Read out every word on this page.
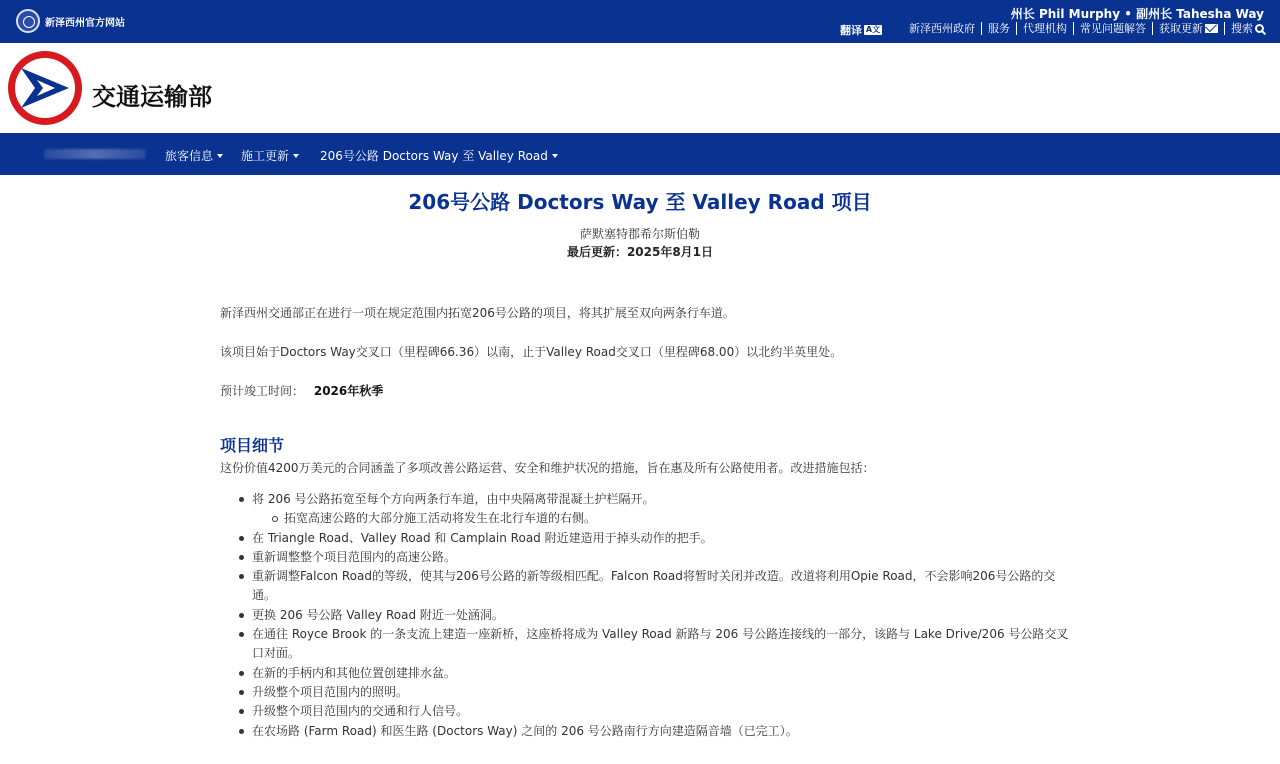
新泽西州官方网站
州长 Phil Murphy • 副州长 Tahesha Way
翻译 A文	新泽西州政府	服务	代理机构	常见问题解答	获取更新	搜索
交通运输部
旅客信息 施工更新	206号公路 Doctors Way 至 Valley Road
206号公路 Doctors Way 至 Valley Road 项目
萨默塞特郡希尔斯伯勒
最后更新：2025年8月1日
新泽西州交通部正在进行一项在规定范围内拓宽206号公路的项目，将其扩展至双向两条行车道。
该项目始于Doctors Way交叉口（里程碑66.36）以南，止于Valley Road交叉口（里程碑68.00）以北约半英里处。
预计竣工时间： 2026年秋季
项目细节
这份价值4200万美元的合同涵盖了多项改善公路运营、安全和维护状况的措施，旨在惠及所有公路使用者。改进措施包括：
将 206 号公路拓宽至每个方向两条行车道，由中央隔离带混凝土护栏隔开。
拓宽高速公路的大部分施工活动将发生在北行车道的右侧。
在 Triangle Road、Valley Road 和 Camplain Road 附近建造用于掉头动作的把手。
重新调整整个项目范围内的高速公路。
重新调整Falcon Road的等级，使其与206号公路的新等级相匹配。Falcon Road将暂时关闭并改造。改道将利用Opie Road，不会影响206号公路的交通。
更换 206 号公路 Valley Road 附近一处涵洞。
在通往 Royce Brook 的一条支流上建造一座新桥，这座桥将成为 Valley Road 新路与 206 号公路连接线的一部分，该路与 Lake Drive/206 号公路交叉口对面。
在新的手柄内和其他位置创建排水盆。
升级整个项目范围内的照明。
升级整个项目范围内的交通和行人信号。
在农场路 (Farm Road) 和医生路 (Doctors Way) 之间的 206 号公路南行方向建造隔音墙（已完工）。
